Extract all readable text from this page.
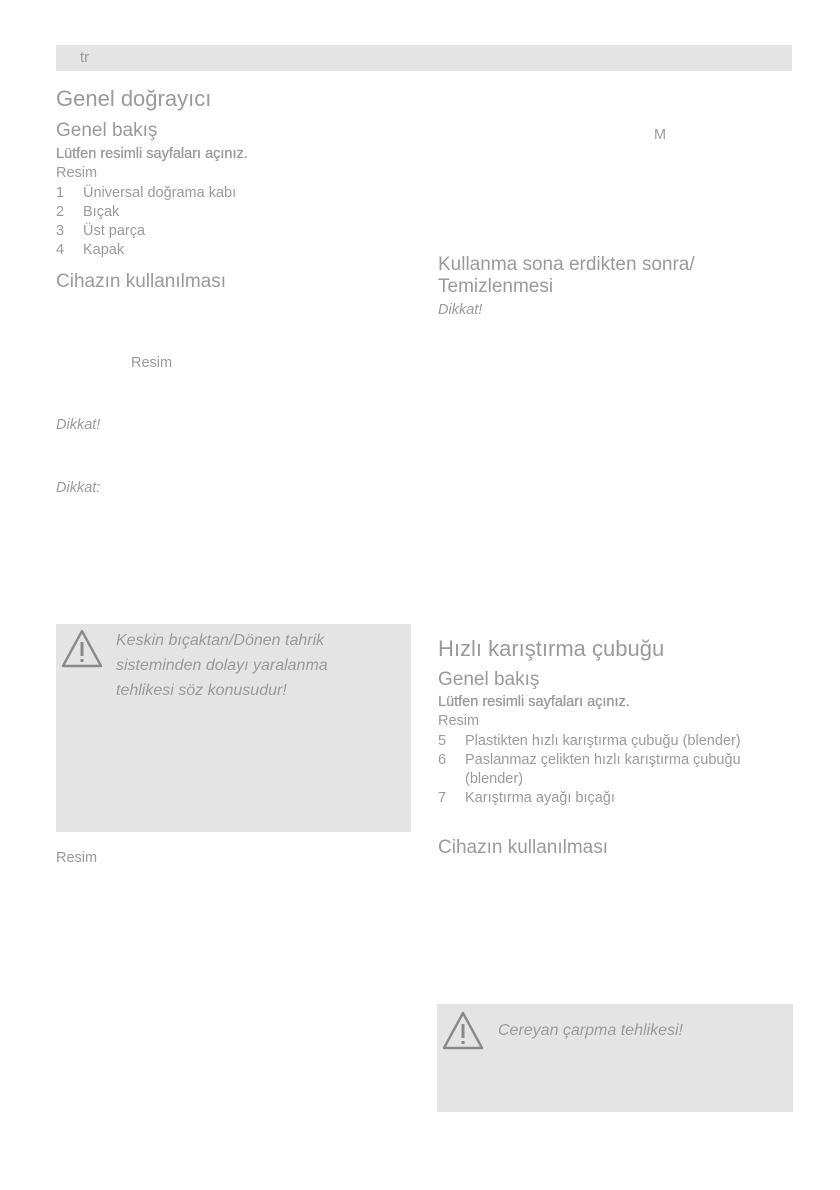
tr
Genel doğrayıcı
Genel bakış
Lütfen resimli sayfaları açınız.
Resim
1 Üniversal doğrama kabı
2 Bıçak
3 Üst parça
4 Kapak
Cihazın kullanılması
Resim
Dikkat!
Dikkat:
Keskin bıçaktan/Dönen tahrik sisteminden dolayı yaralanma tehlikesi söz konusudur!
Resim
M
Kullanma sona erdikten sonra/
Temizlenmesi
Dikkat!
Hızlı karıştırma çubuğu
Genel bakış
Lütfen resimli sayfaları açınız.
Resim
5 Plastikten hızlı karıştırma çubuğu (blender)
6 Paslanmaz çelikten hızlı karıştırma çubuğu (blender)
7 Karıştırma ayağı bıçağı
Cihazın kullanılması
Cereyan çarpma tehlikesi!
